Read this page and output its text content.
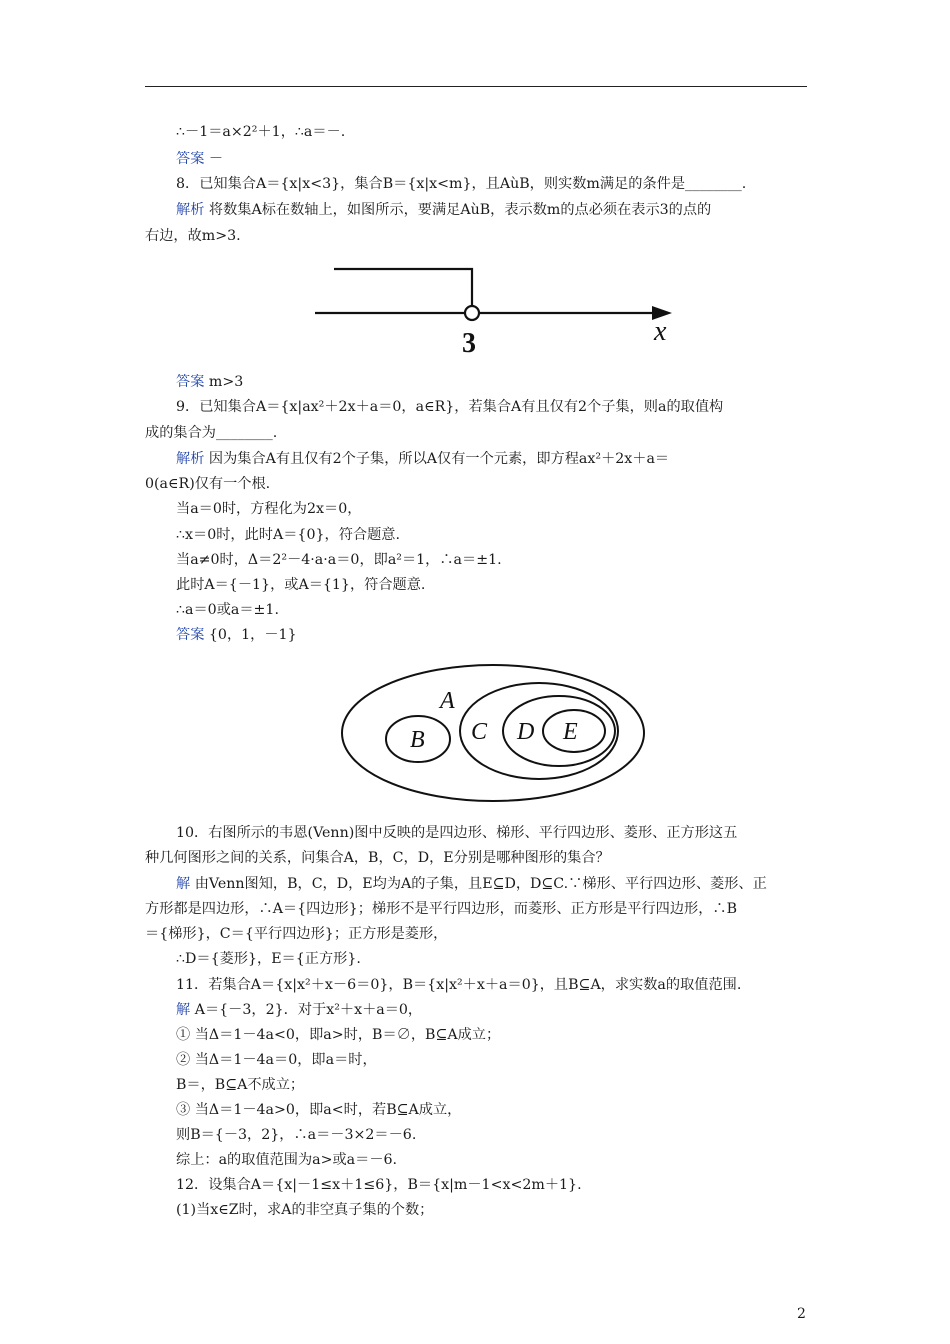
∴－1＝a×2²＋1，∴a＝－.
答案 －
8．已知集合A＝{x|x<3}，集合B＝{x|x<m}，且AùB，则实数m满足的条件是________.
解析 将数集A标在数轴上，如图所示，要满足AùB，表示数m的点必须在表示3的点的
右边，故m>3.
3	x
答案 m>3
9．已知集合A＝{x|ax²＋2x＋a＝0，a∈R}，若集合A有且仅有2个子集，则a的取值构
成的集合为________.
解析 因为集合A有且仅有2个子集，所以A仅有一个元素，即方程ax²＋2x＋a＝
0(a∈R)仅有一个根.
当a＝0时，方程化为2x＝0，
∴x＝0时，此时A＝{0}，符合题意.
当a≠0时，Δ＝2²－4·a·a＝0，即a²＝1，∴a＝±1.
此时A＝{－1}，或A＝{1}，符合题意.
∴a＝0或a＝±1.
答案 {0，1，－1}
A
B C D E
10．右图所示的韦恩(Venn)图中反映的是四边形、梯形、平行四边形、菱形、正方形这五
种几何图形之间的关系，问集合A，B，C，D，E分别是哪种图形的集合？
解 由Venn图知，B，C，D，E均为A的子集，且E⊆D，D⊆C.∵梯形、平行四边形、菱形、正
方形都是四边形，∴A＝{四边形}；梯形不是平行四边形，而菱形、正方形是平行四边形，∴B
＝{梯形}，C＝{平行四边形}；正方形是菱形，
∴D＝{菱形}，E＝{正方形}.
11．若集合A＝{x|x²＋x－6＝0}，B＝{x|x²＋x＋a＝0}，且B⊆A，求实数a的取值范围.
解 A＝{－3，2}．对于x²＋x＋a＝0，
① 当Δ＝1－4a<0，即a>时，B＝∅，B⊆A成立；
② 当Δ＝1－4a＝0，即a＝时，
B＝，B⊆A不成立；
③ 当Δ＝1－4a>0，即a<时，若B⊆A成立，
则B＝{－3，2}，∴a＝－3×2＝－6.
综上：a的取值范围为a>或a＝－6.
12．设集合A＝{x|－1≤x＋1≤6}，B＝{x|m－1<x<2m＋1}.
(1)当x∈Z时，求A的非空真子集的个数；
2
